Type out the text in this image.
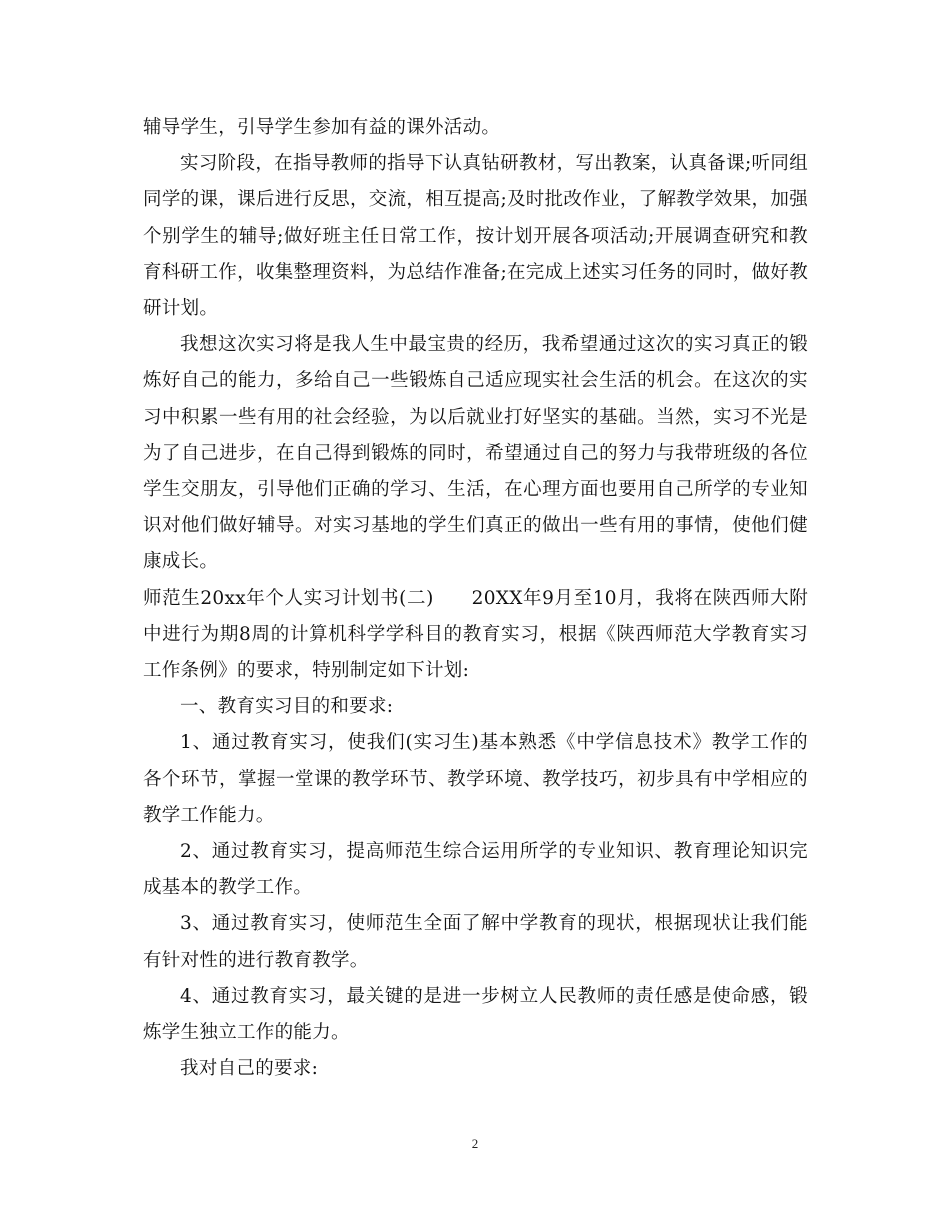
辅导学生，引导学生参加有益的课外活动。

实习阶段，在指导教师的指导下认真钻研教材，写出教案，认真备课;听同组同学的课，课后进行反思，交流，相互提高;及时批改作业，了解教学效果，加强个别学生的辅导;做好班主任日常工作，按计划开展各项活动;开展调查研究和教育科研工作，收集整理资料，为总结作准备;在完成上述实习任务的同时，做好教研计划。

我想这次实习将是我人生中最宝贵的经历，我希望通过这次的实习真正的锻炼好自己的能力，多给自己一些锻炼自己适应现实社会生活的机会。在这次的实习中积累一些有用的社会经验，为以后就业打好坚实的基础。当然，实习不光是为了自己进步，在自己得到锻炼的同时，希望通过自己的努力与我带班级的各位学生交朋友，引导他们正确的学习、生活，在心理方面也要用自己所学的专业知识对他们做好辅导。对实习基地的学生们真正的做出一些有用的事情，使他们健康成长。

师范生20xx年个人实习计划书(二) 20XX年9月至10月，我将在陕西师大附中进行为期8周的计算机科学学科目的教育实习，根据《陕西师范大学教育实习工作条例》的要求，特别制定如下计划:

一、教育实习目的和要求:

1、通过教育实习，使我们(实习生)基本熟悉《中学信息技术》教学工作的各个环节，掌握一堂课的教学环节、教学环境、教学技巧，初步具有中学相应的教学工作能力。

2、通过教育实习，提高师范生综合运用所学的专业知识、教育理论知识完成基本的教学工作。

3、通过教育实习，使师范生全面了解中学教育的现状，根据现状让我们能有针对性的进行教育教学。

4、通过教育实习，最关键的是进一步树立人民教师的责任感是使命感，锻炼学生独立工作的能力。

我对自己的要求:

2
